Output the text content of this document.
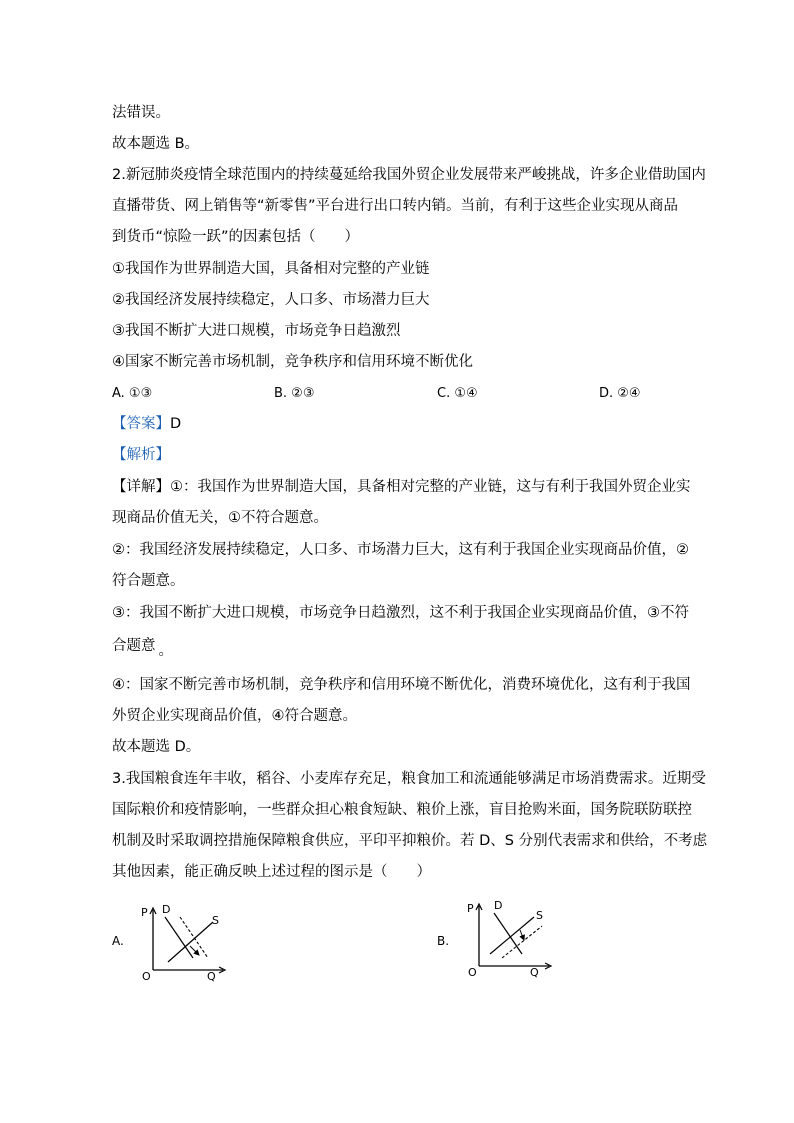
法错误。
故本题选 B。
2.新冠肺炎疫情全球范围内的持续蔓延给我国外贸企业发展带来严峻挑战，许多企业借助国内
直播带货、网上销售等“新零售”平台进行出口转内销。当前，有利于这些企业实现从商品
到货币“惊险一跃”的因素包括（　　）
①我国作为世界制造大国，具备相对完整的产业链
②我国经济发展持续稳定，人口多、市场潜力巨大
③我国不断扩大进口规模，市场竞争日趋激烈
④国家不断完善市场机制，竞争秩序和信用环境不断优化
A. ①③	B. ②③	C. ①④	D. ②④
【答案】D
【解析】
【详解】①：我国作为世界制造大国，具备相对完整的产业链，这与有利于我国外贸企业实
现商品价值无关，①不符合题意。
②：我国经济发展持续稳定，人口多、市场潜力巨大，这有利于我国企业实现商品价值，②
符合题意。
③：我国不断扩大进口规模，市场竞争日趋激烈，这不利于我国企业实现商品价值，③不符
合题意 。
④：国家不断完善市场机制，竞争秩序和信用环境不断优化，消费环境优化，这有利于我国
外贸企业实现商品价值，④符合题意。
故本题选 D。
3.我国粮食连年丰收，稻谷、小麦库存充足，粮食加工和流通能够满足市场消费需求。近期受
国际粮价和疫情影响，一些群众担心粮食短缺、粮价上涨，盲目抢购米面，国务院联防联控
机制及时采取调控措施保障粮食供应，平印平抑粮价。若 D、S 分别代表需求和供给，不考虑
其他因素，能正确反映上述过程的图示是（　　）
A.
P D
S
O	Q
B.
P D
S
O	Q
